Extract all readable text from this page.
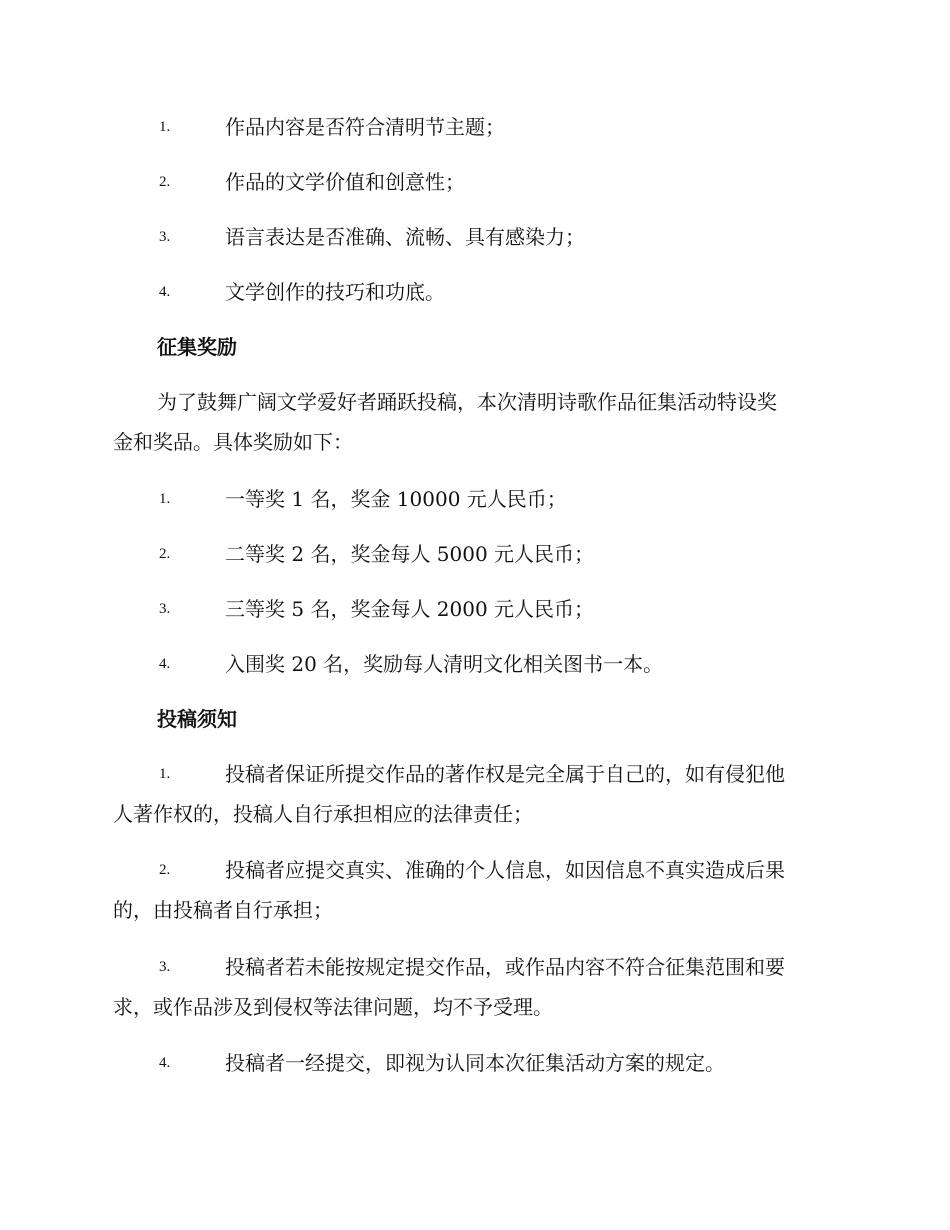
1.	作品内容是否符合清明节主题；
2.	作品的文学价值和创意性；
3.	语言表达是否准确、流畅、具有感染力；
4.	文学创作的技巧和功底。
征集奖励
为了鼓舞广阔文学爱好者踊跃投稿，本次清明诗歌作品征集活动特设奖
金和奖品。具体奖励如下：
1.	一等奖 1 名，奖金 10000 元人民币；
2.	二等奖 2 名，奖金每人 5000 元人民币；
3.	三等奖 5 名，奖金每人 2000 元人民币；
4.	入围奖 20 名，奖励每人清明文化相关图书一本。
投稿须知
1.	投稿者保证所提交作品的著作权是完全属于自己的，如有侵犯他
人著作权的，投稿人自行承担相应的法律责任；
2.	投稿者应提交真实、准确的个人信息，如因信息不真实造成后果
的，由投稿者自行承担；
3.	投稿者若未能按规定提交作品，或作品内容不符合征集范围和要
求，或作品涉及到侵权等法律问题，均不予受理。
4.	投稿者一经提交，即视为认同本次征集活动方案的规定。
